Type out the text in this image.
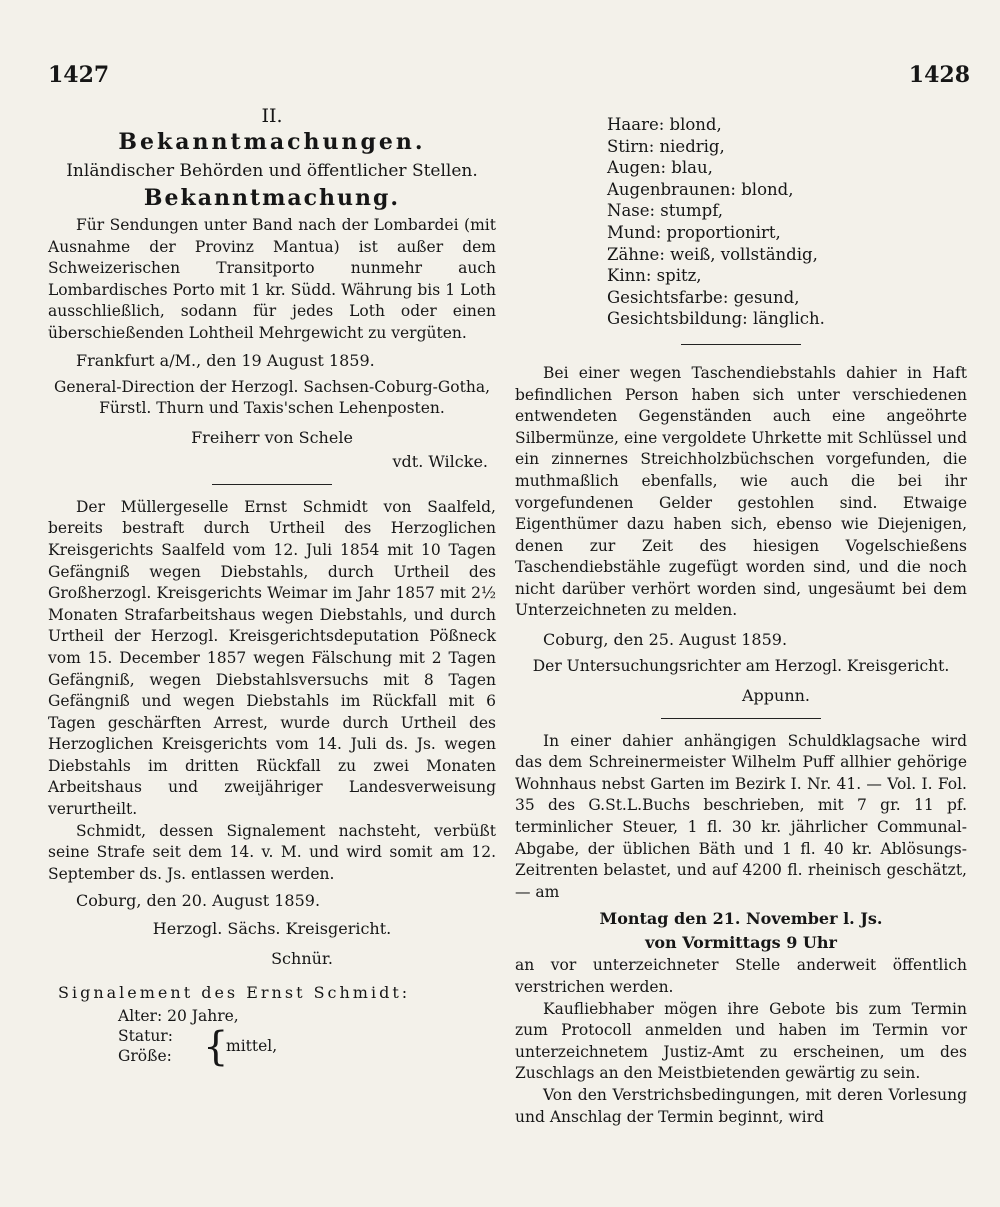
1427	1428
II.
Bekanntmachungen.
Inländischer Behörden und öffentlicher Stellen.
Bekanntmachung.

Für Sendungen unter Band nach der Lombardei (mit Ausnahme der Provinz Mantua) ist außer dem Schweizerischen Transitporto nunmehr auch Lombardisches Porto mit 1 kr. Südd. Währung bis 1 Loth ausschließlich, sodann für jedes Loth oder einen überschießenden Lohtheil Mehrgewicht zu vergüten.

Frankfurt a/M., den 19 August 1859.
General-Direction der Herzogl. Sachsen-Coburg-Gotha, Fürstl. Thurn und Taxis'schen Lehenposten.
Freiherr von Schele
vdt. Wilcke.

Der Müllergeselle Ernst Schmidt von Saalfeld, bereits bestraft durch Urtheil des Herzoglichen Kreisgerichts Saalfeld vom 12. Juli 1854 mit 10 Tagen Gefängniß wegen Diebstahls, durch Urtheil des Großherzogl. Kreisgerichts Weimar im Jahr 1857 mit 2½ Monaten Strafarbeitshaus wegen Diebstahls, und durch Urtheil der Herzogl. Kreisgerichtsdeputation Pößneck vom 15. December 1857 wegen Fälschung mit 2 Tagen Gefängniß, wegen Diebstahlsversuchs mit 8 Tagen Gefängniß und wegen Diebstahls im Rückfall mit 6 Tagen geschärften Arrest, wurde durch Urtheil des Herzoglichen Kreisgerichts vom 14. Juli ds. Js. wegen Diebstahls im dritten Rückfall zu zwei Monaten Arbeitshaus und zweijähriger Landesverweisung verurtheilt.

Schmidt, dessen Signalement nachsteht, verbüßt seine Strafe seit dem 14. v. M. und wird somit am 12. September ds. Js. entlassen werden.

Coburg, den 20. August 1859.
Herzogl. Sächs. Kreisgericht.
Schnür.
Signalement des Ernst Schmidt:
Alter: 20 Jahre,
Statur:
Größe: {
mittel,
Haare: blond,
Stirn: niedrig,
Augen: blau,
Augenbraunen: blond,
Nase: stumpf,
Mund: proportionirt,
Zähne: weiß, vollständig,
Kinn: spitz,
Gesichtsfarbe: gesund,
Gesichtsbildung: länglich.

Bei einer wegen Taschendiebstahls dahier in Haft befindlichen Person haben sich unter verschiedenen entwendeten Gegenständen auch eine angeöhrte Silbermünze, eine vergoldete Uhrkette mit Schlüssel und ein zinnernes Streichholzbüchschen vorgefunden, die muthmaßlich ebenfalls, wie auch die bei ihr vorgefundenen Gelder gestohlen sind. Etwaige Eigenthümer dazu haben sich, ebenso wie Diejenigen, denen zur Zeit des hiesigen Vogelschießens Taschendiebstähle zugefügt worden sind, und die noch nicht darüber verhört worden sind, ungesäumt bei dem Unterzeichneten zu melden.

Coburg, den 25. August 1859.
Der Untersuchungsrichter am Herzogl. Kreisgericht.
Appunn.

In einer dahier anhängigen Schuldklagsache wird das dem Schreinermeister Wilhelm Puff allhier gehörige Wohnhaus nebst Garten im Bezirk I. Nr. 41. — Vol. I. Fol. 35 des G.St.L.Buchs beschrieben, mit 7 gr. 11 pf. terminlicher Steuer, 1 fl. 30 kr. jährlicher Communal-Abgabe, der üblichen Bäth und 1 fl. 40 kr. Ablösungs-Zeitrenten belastet, und auf 4200 fl. rheinisch geschätzt, — am

Montag den 21. November l. Js.
von Vormittags 9 Uhr

an vor unterzeichneter Stelle anderweit öffentlich verstrichen werden.

Kaufliebhaber mögen ihre Gebote bis zum Termin zum Protocoll anmelden und haben im Termin vor unterzeichnetem Justiz-Amt zu erscheinen, um des Zuschlags an den Meistbietenden gewärtig zu sein.

Von den Verstrichsbedingungen, mit deren Vorlesung und Anschlag der Termin beginnt, wird
